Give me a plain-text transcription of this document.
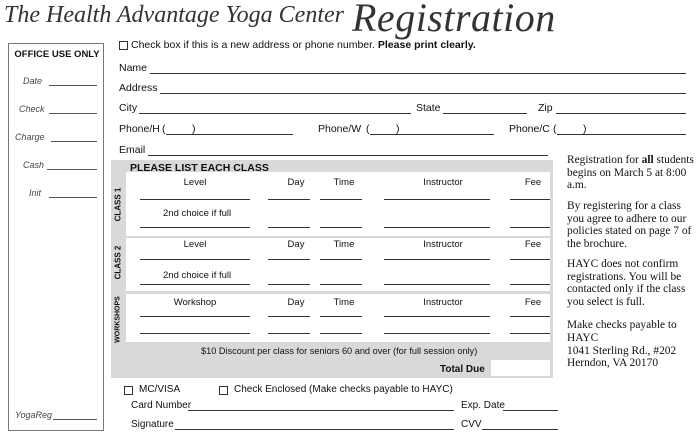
The Health Advantage Yoga Center Registration
OFFICE USE ONLY
Date
Check
Charge
Cash
Init
YogaReg
Check box if this is a new address or phone number. Please print clearly.
Name
Address
City	State	Zip
Phone/H (	)	Phone/W (	)	Phone/C (	)
Email
CLASS 1
PLEASE LIST EACH CLASS
Level	Day	Time	Instructor	Fee
2nd choice if full
CLASS 2
Level	Day	Time	Instructor	Fee
2nd choice if full
WORKSHOPS	Workshop	Day	Time	Instructor	Fee
$10 Discount per class for seniors 60 and over (for full session only)
Total Due
Registration for all students begins on March 5 at 8:00 a.m.
By registering for a class you agree to adhere to our policies stated on page 7 of the brochure.
HAYC does not confirm registrations. You will be contacted only if the class you select is full.
Make checks payable to HAYC
1041 Sterling Rd., #202
Herndon, VA 20170
MC/VISA	Check Enclosed (Make checks payable to HAYC)
Card Number	Exp. Date
Signature	CVV
